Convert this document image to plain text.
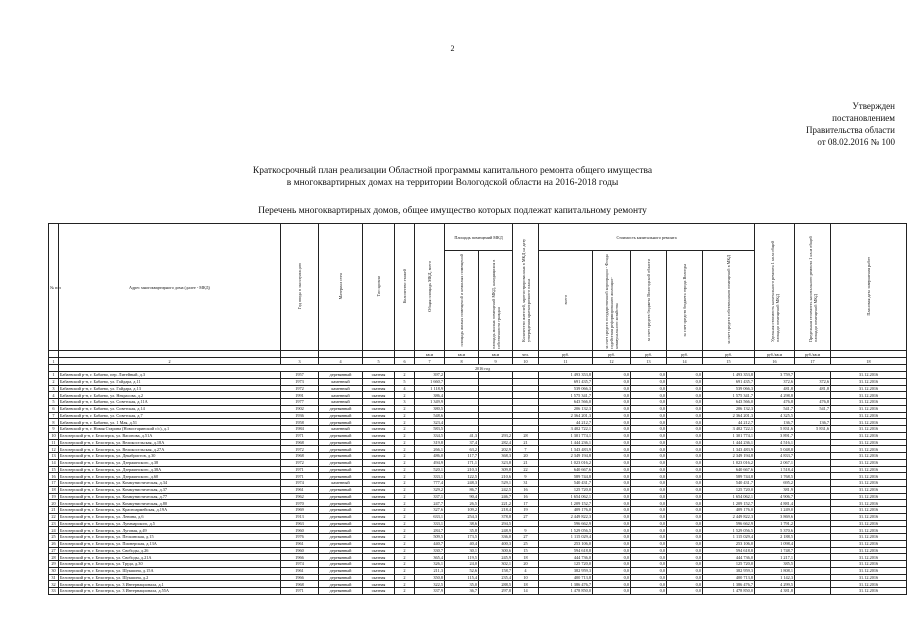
2
Утвержден
постановлением
Правительства области
от 08.02.2016 № 100
Краткосрочный план реализации Областной программы капитального ремонта общего имущества
в многоквартирных домах на территории Вологодской области на 2016-2018 годы
Перечень многоквартирных домов, общее имущество которых подлежат капитальному ремонту
№ п/п	Адрес многоквартирного дома (далее - МКД)	Год ввода в эксплуатацию	Материал стен	Тип кровли	Количество этажей	Общая площадь МКД, всего	Площадь помещений МКД		Количество жителей, зарегистрированных в МКД на дату утверждения краткосрочного плана	Стоимость капитального ремонта					Удельная стоимость капитального ремонта 1 кв.м общей площади помещений МКД	Предельная стоимость капитального ремонта 1 кв.м общей площади помещений МКД	Плановая дата завершения работ
							площадь жилых помещений и нежилых помещений	площадь жилых помещений МКД, находящихся в собственности граждан		всего	за счет средств государственной корпорации - Фонда содействия реформированию жилищно-коммунального хозяйства	за счет средств бюджета Вологодской области	за счет средств бюджета города Вологды	за счет средств собственников помещений в МКД			
						кв.м	кв.м	кв.м	чел.	руб.	руб.	руб.	руб.	руб.	руб./кв.м	руб./кв.м	
1	2	3	4	5	6	7	8	9	10	11	12	13	14	15	16	17	18
	2016 год																
1	Бабаевский р-н, г. Бабаево, пер. Литейный, д.3	1957	деревянный	скатная	2	397,2				1 493 353,8	0,0	0,0	0,0	1 493 353,8	3 759,7		31.12.2016
2	Бабаевский р-н, г. Бабаево, ул. Гайдара, д.11	1973	каменный	скатная	5	1 660,7				691 435,7	0,0	0,0	0,0	691 435,7	372,6	372,6	31.12.2016
3	Бабаевский р-н, г. Бабаево, ул. Гайдара, д.13	1972	каменный	скатная	4	1 118,9				539 066,3	0,0	0,0	0,0	539 066,3	481,8	481,8	31.12.2016
4	Бабаевский р-н, г. Бабаево, ул. Некрасова, д.2	1991	каменный	скатная	2	386,4				1 575 341,7	0,0	0,0	0,0	1 575 341,7	4 298,8		31.12.2016
5	Бабаевский р-н, г. Бабаево, ул. Советская, д.11А	1977	каменный	скатная	3	1 349,9				643 566,0	0,0	0,0	0,0	643 566,0	476,8	476,8	31.12.2016
6	Бабаевский р-н, г. Бабаево, ул. Советская, д.14	1902	деревянный	скатная	2	380,5				206 132,3	0,0	0,0	0,0	206 132,3	541,7	541,7	31.12.2016
7	Бабаевский р-н, г. Бабаево, ул. Советская, д.7	1936	деревянный	скатная	2	548,6				2 364 201,3	0,0	0,0	0,0	2 364 201,3	4 325,5		31.12.2016
8	Бабаевский р-н, г. Бабаево, ул. 1 Мая, д.51	1958	деревянный	скатная	2	323,4				44 212,7	0,0	0,0	0,0	44 212,7	136,7	136,7	31.12.2016
9	Бабаевский р-н, г. Новая Старина (Новостаринский с/с), д.1	1984	каменный	скатная	2	583,5				3 402 722,1	0,0	0,0	0,0	3 402 722,1	5 831,6	5 831,6	31.12.2016
10	Белозерский р-н, г. Белозерск, ул. Васонова, д.51А	1971	деревянный	скатная	2	334,5	41,3	293,2	28	1 301 774,1	0,0	0,0	0,0	1 301 774,1	3 891,7		31.12.2016
11	Белозерский р-н, г. Белозерск, ул. Великосельская, д.18А	1968	деревянный	скатная	2	319,8	37,4	282,4	21	1 444 236,1	0,0	0,0	0,0	1 444 236,1	4 516,1		31.12.2016
12	Белозерский р-н, г. Белозерск, ул. Великосельская, д.27А	1972	деревянный	скатная	2	266,1	63,2	202,9	7	1 343 483,9	0,0	0,0	0,0	1 343 483,9	5 048,8		31.12.2016
13	Белозерский р-н, г. Белозерск, ул. Декабристов, д.30	1968	деревянный	скатная	2	486,0	117,7	368,3	20	2 349 194,8	0,0	0,0	0,0	2 349 194,8	4 833,7		31.12.2016
14	Белозерский р-н, г. Белозерск, ул. Дзержинского, д.38	1972	деревянный	скатная	2	494,9	171,1	323,8	21	1 023 016,2	0,0	0,0	0,0	1 023 016,2	2 067,1		31.12.2016
15	Белозерский р-н, г. Белозерск, ул. Дзержинского, д.38А	1971	деревянный	скатная	2	520,1	210,3	309,8	22	640 667,6	0,0	0,0	0,0	640 667,6	1 518,4		31.12.2016
16	Белозерский р-н, г. Белозерск, ул. Дзержинского, д.60	1971	деревянный	скатная	2	333,1	122,5	210,6	9	589 744,8	0,0	0,0	0,0	589 744,8	1 768,5		31.12.2016
17	Белозерский р-н, г. Белозерск, ул. Коммунистическая, д.34	1974	каменный	скатная	2	777,4	248,3	529,1	31	540 431,7	0,0	0,0	0,0	540 431,7	695,2		31.12.2016
18	Белозерский р-н, г. Белозерск, ул. Коммунистическая, д.37	1961	деревянный	скатная	2	329,2	86,7	242,5	16	125 720,0	0,0	0,0	0,0	125 720,0	381,9		31.12.2016
19	Белозерский р-н, г. Белозерск, ул. Коммунистическая, д.77	1962	деревянный	скатная	2	337,1	90,4	246,7	16	1 654 062,1	0,0	0,0	0,0	1 654 062,1	4 906,7		31.12.2016
20	Белозерский р-н, г. Белозерск, ул. Коммунистическая, д.80	1970	деревянный	скатная	2	247,7	26,5	221,2	17	1 209 152,7	0,0	0,0	0,0	1 209 152,7	4 881,4		31.12.2016
21	Белозерский р-н, г. Белозерск, ул. Красноармейская, д.19А	1969	деревянный	скатная	2	327,6	109,2	218,4	19	409 176,0	0,0	0,0	0,0	409 176,0	1 249,0		31.12.2016
22	Белозерский р-н, г. Белозерск, ул. Ленина, д.6	1913	деревянный	скатная	2	633,1	254,3	378,8	27	2 449 822,3	0,0	0,0	0,0	2 449 822,3	3 869,6		31.12.2016
23	Белозерский р-н, г. Белозерск, ул. Луначарского, д.5	1963	деревянный	скатная	2	333,1	38,6	294,5		596 662,9	0,0	0,0	0,0	596 662,9	1 791,2		31.12.2016
24	Белозерский р-н, г. Белозерск, ул. Луговая, д.49	1960	деревянный	скатная	2	284,7	35,8	248,9	9	1 529 056,5	0,0	0,0	0,0	1 529 056,5	5 370,6		31.12.2016
25	Белозерский р-н, г. Белозерск, ул. Пескинская, д.15	1976	деревянный	скатная	2	509,5	173,5	336,0	27	1 115 029,4	0,0	0,0	0,0	1 115 029,4	2 188,5		31.12.2016
26	Белозерский р-н, г. Белозерск, ул. Пионерская, д.13А	1961	деревянный	скатная	2	440,7	40,4	400,3	25	253 106,0	0,0	0,0	0,0	253 106,0	1 098,4		31.12.2016
27	Белозерский р-н, г. Белозерск, ул. Свободы, д.26	1960	деревянный	скатная	2	330,7	30,1	300,6	15	594 618,8	0,0	0,0	0,0	594 618,8	1 748,7		31.12.2016
28	Белозерский р-н, г. Белозерск, ул. Свободы, д.21А	1966	деревянный	скатная	2	365,4	119,5	245,9	18	444 736,0	0,0	0,0	0,0	444 736,0	1 217,1		31.12.2016
29	Белозерский р-н, г. Белозерск, ул. Труда, д.30	1974	деревянный	скатная	2	326,1	24,0	302,1	20	125 720,0	0,0	0,0	0,0	125 720,0	385,5		31.12.2016
30	Белозерский р-н, г. Белозерск, ул. Шукшина, д.15А	1961	деревянный	скатная	2	211,3	52,6	158,7	4	382 959,3	0,0	0,0	0,0	382 959,3	1 808,1		31.12.2016
31	Белозерский р-н, г. Белозерск, ул. Шукшина, д.2	1966	деревянный	скатная	2	350,8	115,4	235,4	10	400 713,8	0,0	0,0	0,0	400 713,8	1 142,3		31.12.2016
32	Белозерский р-н, г. Белозерск, ул. 3 Интернационала, д.1	1968	деревянный	скатная	2	322,5	35,0	288,5	18	1 386 476,7	0,0	0,0	0,0	1 386 476,7	4 299,5		31.12.2016
33	Белозерский р-н, г. Белозерск, ул. 3 Интернационала, д.55А	1971	деревянный	скатная	2	337,9	36,7	297,8	14	1 478 850,0	0,0	0,0	0,0	1 478 850,0	4 381,8		31.12.2016
